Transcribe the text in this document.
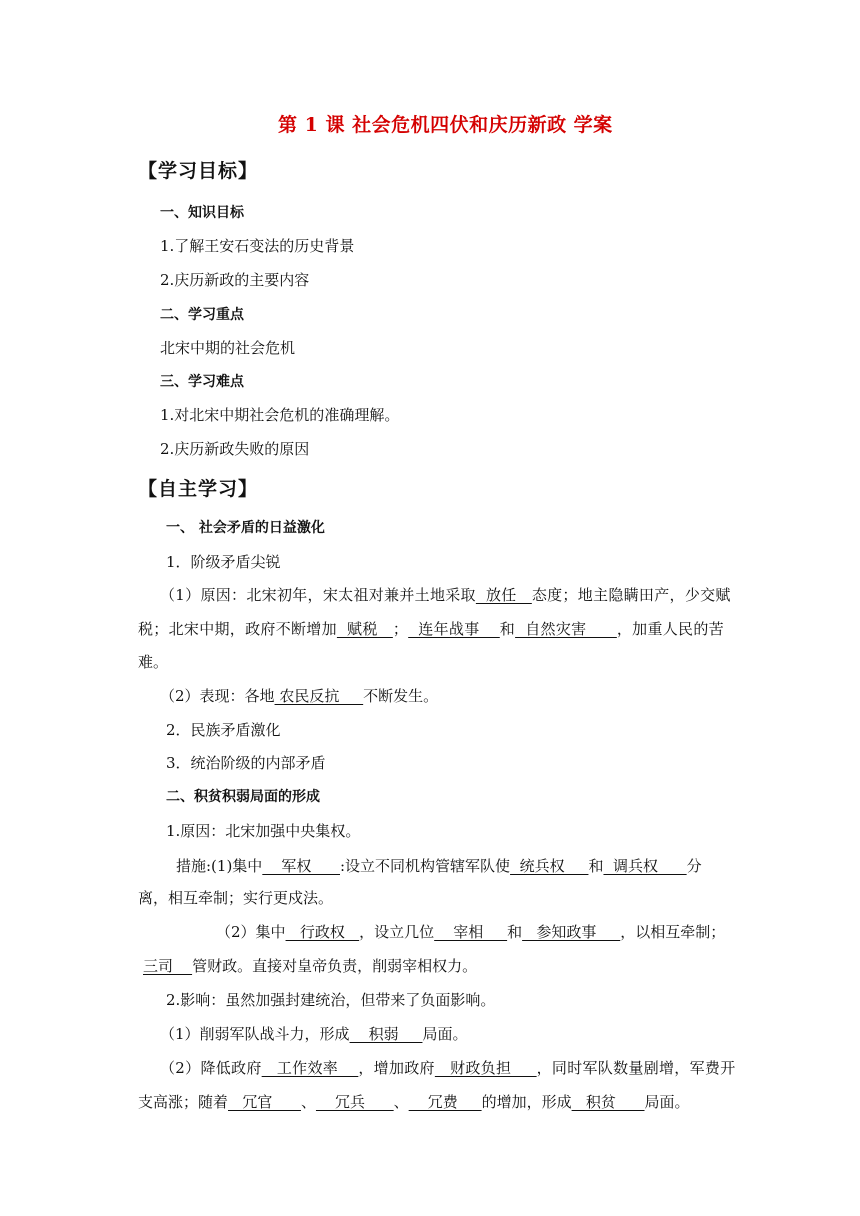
第 1 课 社会危机四伏和庆历新政 学案
【学习目标】
一、知识目标
1.了解王安石变法的历史背景
2.庆历新政的主要内容
二、学习重点
北宋中期的社会危机
三、学习难点
1.对北宋中期社会危机的准确理解。
2.庆历新政失败的原因
【自主学习】
一、 社会矛盾的日益激化
1．阶级矛盾尖锐
（1）原因：北宋初年，宋太祖对兼并土地采取  放任   态度；地主隐瞒田产，少交赋
税；北宋中期，政府不断增加  赋税   ；  连年战事    和  自然灾害      ，加重人民的苦
难。
（2）表现：各地 农民反抗     不断发生。
2．民族矛盾激化
3．统治阶级的内部矛盾
二、积贫积弱局面的形成
1.原因：北宋加强中央集权。
措施:(1)集中    军权      :设立不同机构管辖军队使  统兵权     和  调兵权      分
离，相互牵制；实行更戍法。
（2）集中   行政权   ，设立几位    宰相     和   参知政事     ，以相互牵制；
三司    管财政。直接对皇帝负责，削弱宰相权力。
2.影响：虽然加强封建统治，但带来了负面影响。
（1）削弱军队战斗力，形成    积弱     局面。
（2）降低政府   工作效率    ，增加政府   财政负担     ，同时军队数量剧增，军费开
支高涨；随着   冗官      、    冗兵      、    冗费     的增加，形成   积贫      局面。
